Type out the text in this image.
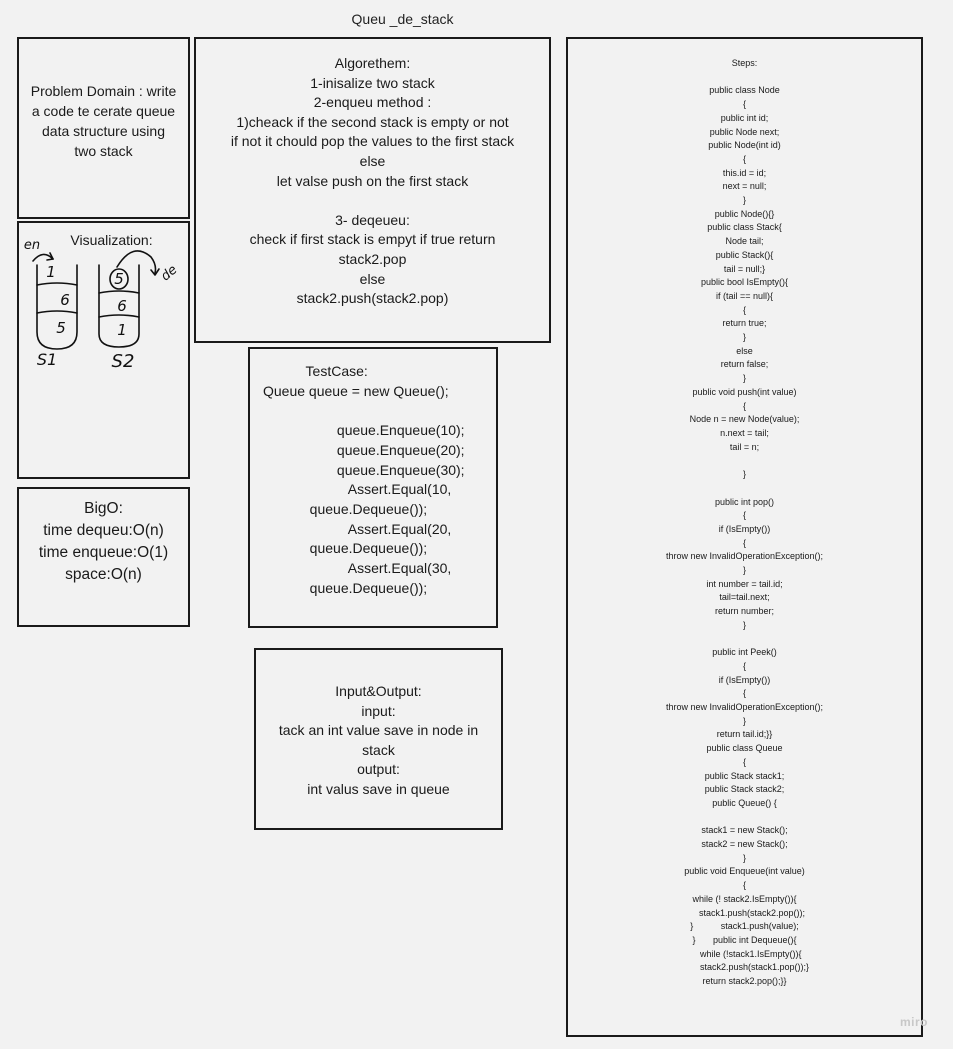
Queu _de_stack
Problem Domain : write
a code te cerate queue
data structure using
two stack
Visualization:
en
1
6
5
5
6
1
de
S1	S2
BigO:
time dequeu:O(n)
time enqueue:O(1)
space:O(n)
Algorethem:
1-inisalize two stack
2-enqueu method :
1)cheack if the second stack is empty or not
if not it chould pop the values to the first stack
else
let valse push on the first stack

3- deqeueu:
check if first stack is empyt if true return
stack2.pop
else
stack2.push(stack2.pop)
TestCase:
Queue queue = new Queue();

queue.Enqueue(10);
queue.Enqueue(20);
queue.Enqueue(30);
Assert.Equal(10,
queue.Dequeue());
Assert.Equal(20,
queue.Dequeue());
Assert.Equal(30,
queue.Dequeue());
Input&Output:
input:
tack an int value save in node in
stack
output:
int valus save in queue
Steps:

public class Node
{
public int id;
public Node next;
public Node(int id)
{
this.id = id;
next = null;
}
public Node(){}
public class Stack{
Node tail;
public Stack(){
tail = null;}
public bool IsEmpty(){
if (tail == null){
{
return true;
}
else
return false;
}
public void push(int value)
{
Node n = new Node(value);
n.next = tail;
tail = n;

}

public int pop()
{
if (IsEmpty())
{
throw new InvalidOperationException();
}
int number = tail.id;
tail=tail.next;
return number;
}

public int Peek()
{
if (IsEmpty())
{
throw new InvalidOperationException();
}
return tail.id;}}
public class Queue
{
public Stack stack1;
public Stack stack2;
public Queue() {

stack1 = new Stack();
stack2 = new Stack();
}
public void Enqueue(int value)
{
while (! stack2.IsEmpty()){
stack1.push(stack2.pop());
}           stack1.push(value);
}       public int Dequeue(){
while (!stack1.IsEmpty()){
stack2.push(stack1.pop());}
return stack2.pop();}}
miro
